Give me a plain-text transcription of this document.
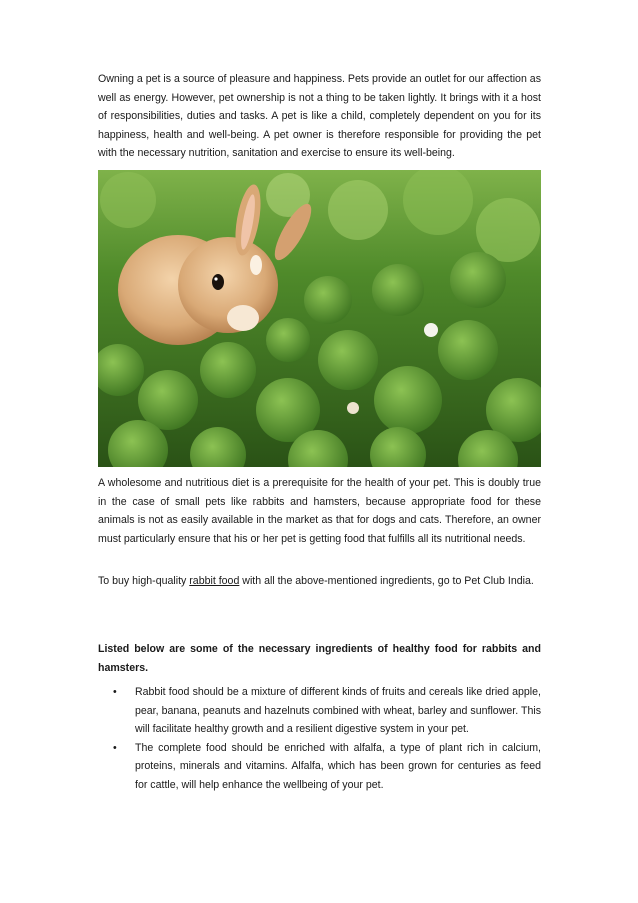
Owning a pet is a source of pleasure and happiness. Pets provide an outlet for our affection as well as energy. However, pet ownership is not a thing to be taken lightly. It brings with it a host of responsibilities, duties and tasks. A pet is like a child, completely dependent on you for its happiness, health and well-being. A pet owner is therefore responsible for providing the pet with the necessary nutrition, sanitation and exercise to ensure its well-being.

A wholesome and nutritious diet is a prerequisite for the health of your pet. This is doubly true in the case of small pets like rabbits and hamsters, because appropriate food for these animals is not as easily available in the market as that for dogs and cats. Therefore, an owner must particularly ensure that his or her pet is getting food that fulfills all its nutritional needs.

To buy high-quality rabbit food with all the above-mentioned ingredients, go to Pet Club India.

Listed below are some of the necessary ingredients of healthy food for rabbits and hamsters.

• Rabbit food should be a mixture of different kinds of fruits and cereals like dried apple, pear, banana, peanuts and hazelnuts combined with wheat, barley and sunflower. This will facilitate healthy growth and a resilient digestive system in your pet.
• The complete food should be enriched with alfalfa, a type of plant rich in calcium, proteins, minerals and vitamins. Alfalfa, which has been grown for centuries as feed for cattle, will help enhance the wellbeing of your pet.
